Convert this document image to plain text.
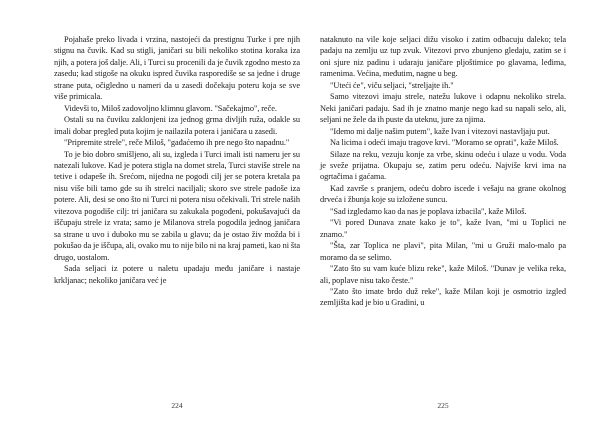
Pojahaše preko livada i vrzina, nastojeći da prestignu Turke i pre njih stignu na čuvik. Kad su stigli, janičari su bili nekoliko stotina koraka iza njih, a potera još dalje. Ali, i Turci su procenili da je čuvik zgodno mesto za zasedu; kad stigoše na okuku ispred čuvika rasporediše se sa jedne i druge strane puta, očigledno u nameri da u zasedi dočekaju poteru koja se sve više primicala.

Videvši to, Miloš zadovoljno klimnu glavom. "Sačekajmo", reče.

Ostali su na čuviku zaklonjeni iza jednog grma divljih ruža, odakle su imali dobar pregled puta kojim je nailazila potera i janičara u zasedi.

"Pripremite strele", reče Miloš, "gađaćemo ih pre nego što napadnu."

To je bio dobro smišljeno, ali su, izgleda i Turci imali isti nameru jer su natezali lukove. Kad je potera stigla na domet strela, Turci staviše strele na tetive i odapeše ih. Srećom, nijedna ne pogodi cilj jer se potera kretala pa nisu više bili tamo gde su ih strelci naciljali; skoro sve strele padoše iza potere. Ali, desi se ono što ni Turci ni potera nisu očekivali. Tri strele naših vitezova pogodiše cilj: tri janičara su zakukala pogođeni, pokušavajući da iščupaju strele iz vrata; samo je Milanova strela pogodila jednog janičara sa strane u uvo i duboko mu se zabila u glavu; da je ostao živ možda bi i pokušao da je iščupa, ali, ovako mu to nije bilo ni na kraj pameti, kao ni šta drugo, uostalom.

Sada seljaci iz potere u naletu upadaju među janičare i nastaje krkljanac; nekoliko janičara već je

224

nataknuto na vile koje seljaci dižu visoko i zatim odbacuju daleko; tela padaju na zemlju uz tup zvuk. Vitezovi prvo zbunjeno gledaju, zatim se i oni sjure niz padinu i udaraju janičare pljoštimice po glavama, leđima, ramenima. Većina, međutim, nagne u beg.

"Uteći će", viču seljaci, "streljajte ih."

Samo vitezovi imaju strele, natežu lukove i odapnu nekoliko strela. Neki janičari padaju. Sad ih je znatno manje nego kad su napali selo, ali, seljani ne žele da ih puste da uteknu, jure za njima.

"Idemo mi dalje našim putem", kaže Ivan i vitezovi nastavljaju put.

Na licima i odeći imaju tragove krvi. "Moramo se oprati", kaže Miloš.

Silaze na reku, vezuju konje za vrbe, skinu odeću i ulaze u vodu. Voda je sveže prijatna. Okupaju se, zatim peru odeću. Najviše krvi ima na ogrtačima i gaćama.

Kad završe s pranjem, odeću dobro iscede i vešaju na grane okolnog drveća i žbunja koje su izložene suncu.

"Sad izgledamo kao da nas je poplava izbacila", kaže Miloš.

"Vi pored Dunava znate kako je to", kaže Ivan, "mi u Toplici ne znamo."

"Šta, zar Toplica ne plavi", pita Milan, "mi u Gruži malo-malo pa moramo da se selimo.

"Zato što su vam kuće blizu reke", kaže Miloš. "Dunav je velika reka, ali, poplave nisu tako česte."

"Zato što imate brdo duž reke", kaže Milan koji je osmotrio izgled zemljišta kad je bio u Gradini, u

225
